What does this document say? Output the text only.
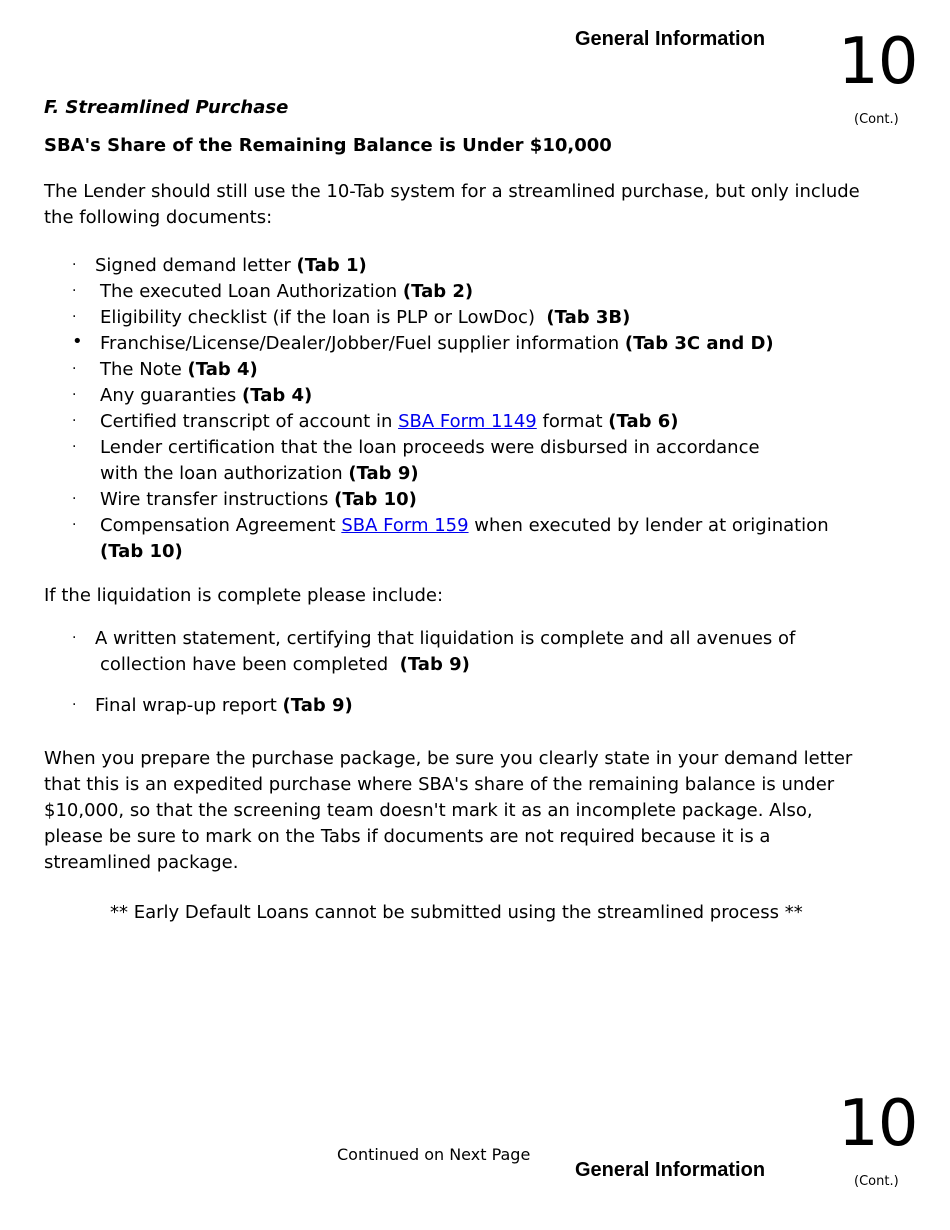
General Information 10
(Cont.)
F. Streamlined Purchase
SBA's Share of the Remaining Balance is Under $10,000
The Lender should still use the 10-Tab system for a streamlined purchase, but only include the following documents:
· Signed demand letter (Tab 1)
· The executed Loan Authorization (Tab 2)
· Eligibility checklist (if the loan is PLP or LowDoc)  (Tab 3B)
• Franchise/License/Dealer/Jobber/Fuel supplier information (Tab 3C and D)
· The Note (Tab 4)
· Any guaranties (Tab 4)
· Certified transcript of account in SBA Form 1149 format (Tab 6)
· Lender certification that the loan proceeds were disbursed in accordance
with the loan authorization (Tab 9)
· Wire transfer instructions (Tab 10)
· Compensation Agreement SBA Form 159 when executed by lender at origination
(Tab 10)
If the liquidation is complete please include:
· A written statement, certifying that liquidation is complete and all avenues of
collection have been completed  (Tab 9)
· Final wrap-up report (Tab 9)
When you prepare the purchase package, be sure you clearly state in your demand letter that this is an expedited purchase where SBA's share of the remaining balance is under $10,000, so that the screening team doesn't mark it as an incomplete package. Also, please be sure to mark on the Tabs if documents are not required because it is a streamlined package.
** Early Default Loans cannot be submitted using the streamlined process **
Continued on Next Page
General Information
10
(Cont.)
